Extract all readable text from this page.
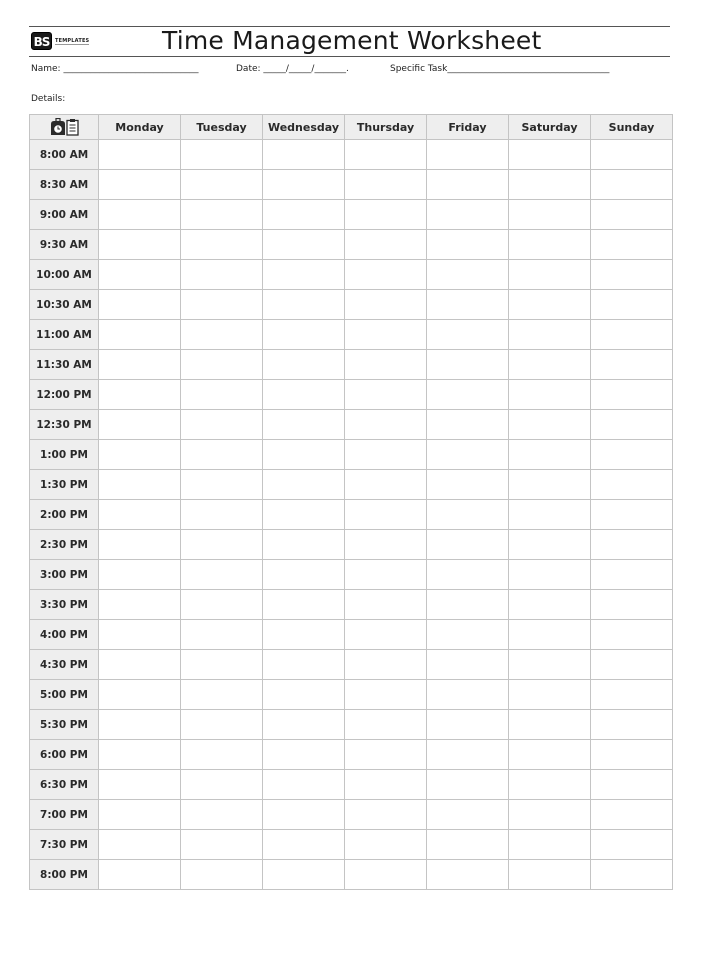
BS	TEMPLATES	Time Management Worksheet
Name: ______________________________	Date: _____/_____/_______.	Specific Task____________________________________
Details:
	Monday	Tuesday	Wednesday	Thursday	Friday	Saturday	Sunday
8:00 AM							
8:30 AM							
9:00 AM							
9:30 AM							
10:00 AM							
10:30 AM							
11:00 AM							
11:30 AM							
12:00 PM							
12:30 PM							
1:00 PM							
1:30 PM							
2:00 PM							
2:30 PM							
3:00 PM							
3:30 PM							
4:00 PM							
4:30 PM							
5:00 PM							
5:30 PM							
6:00 PM							
6:30 PM							
7:00 PM							
7:30 PM							
8:00 PM							
